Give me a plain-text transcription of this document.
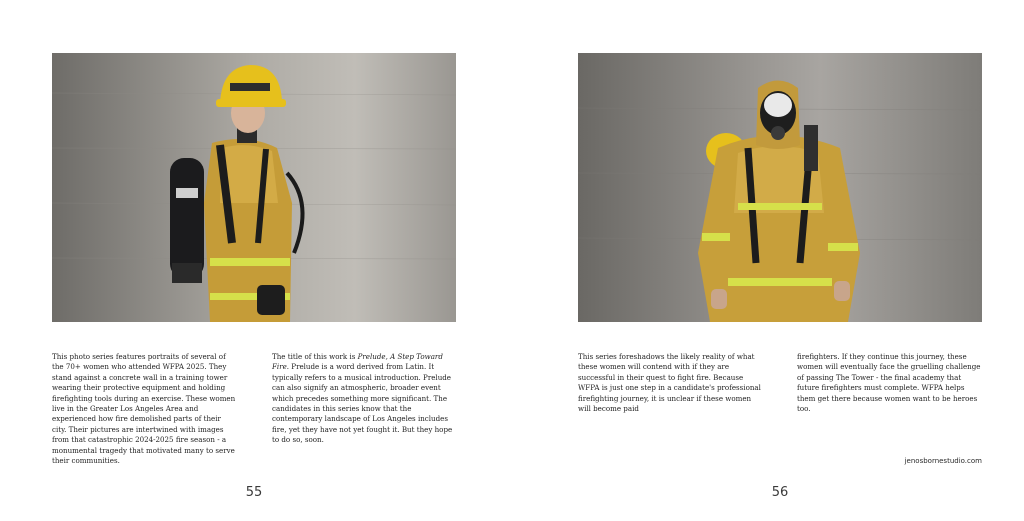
This photo series features portraits of several of the 70+ women who attended WFPA 2025. They stand against a concrete wall in a training tower wearing their protective equipment and holding firefighting tools during an exercise. These women live in the Greater Los Angeles Area and experienced how fire demolished parts of their city. Their pictures are intertwined with images from that catastrophic 2024-2025 fire season - a monumental tragedy that motivated many to serve their communities.

The title of this work is Prelude, A Step Toward Fire. Prelude is a word derived from Latin. It typically refers to a musical introduction. Prelude can also signify an atmospheric, broader event which precedes something more significant. The candidates in this series know that the contemporary landscape of Los Angeles includes fire, yet they have not yet fought it. But they hope to do so, soon.

55

This series foreshadows the likely reality of what these women will contend with if they are successful in their quest to fight fire. Because WFPA is just one step in a candidate's professional firefighting journey, it is unclear if these women will become paid

firefighters. If they continue this journey, these women will eventually face the gruelling challenge of passing The Tower - the final academy that future firefighters must complete. WFPA helps them get there because women want to be heroes too.

jenosbornestudio.com
56
